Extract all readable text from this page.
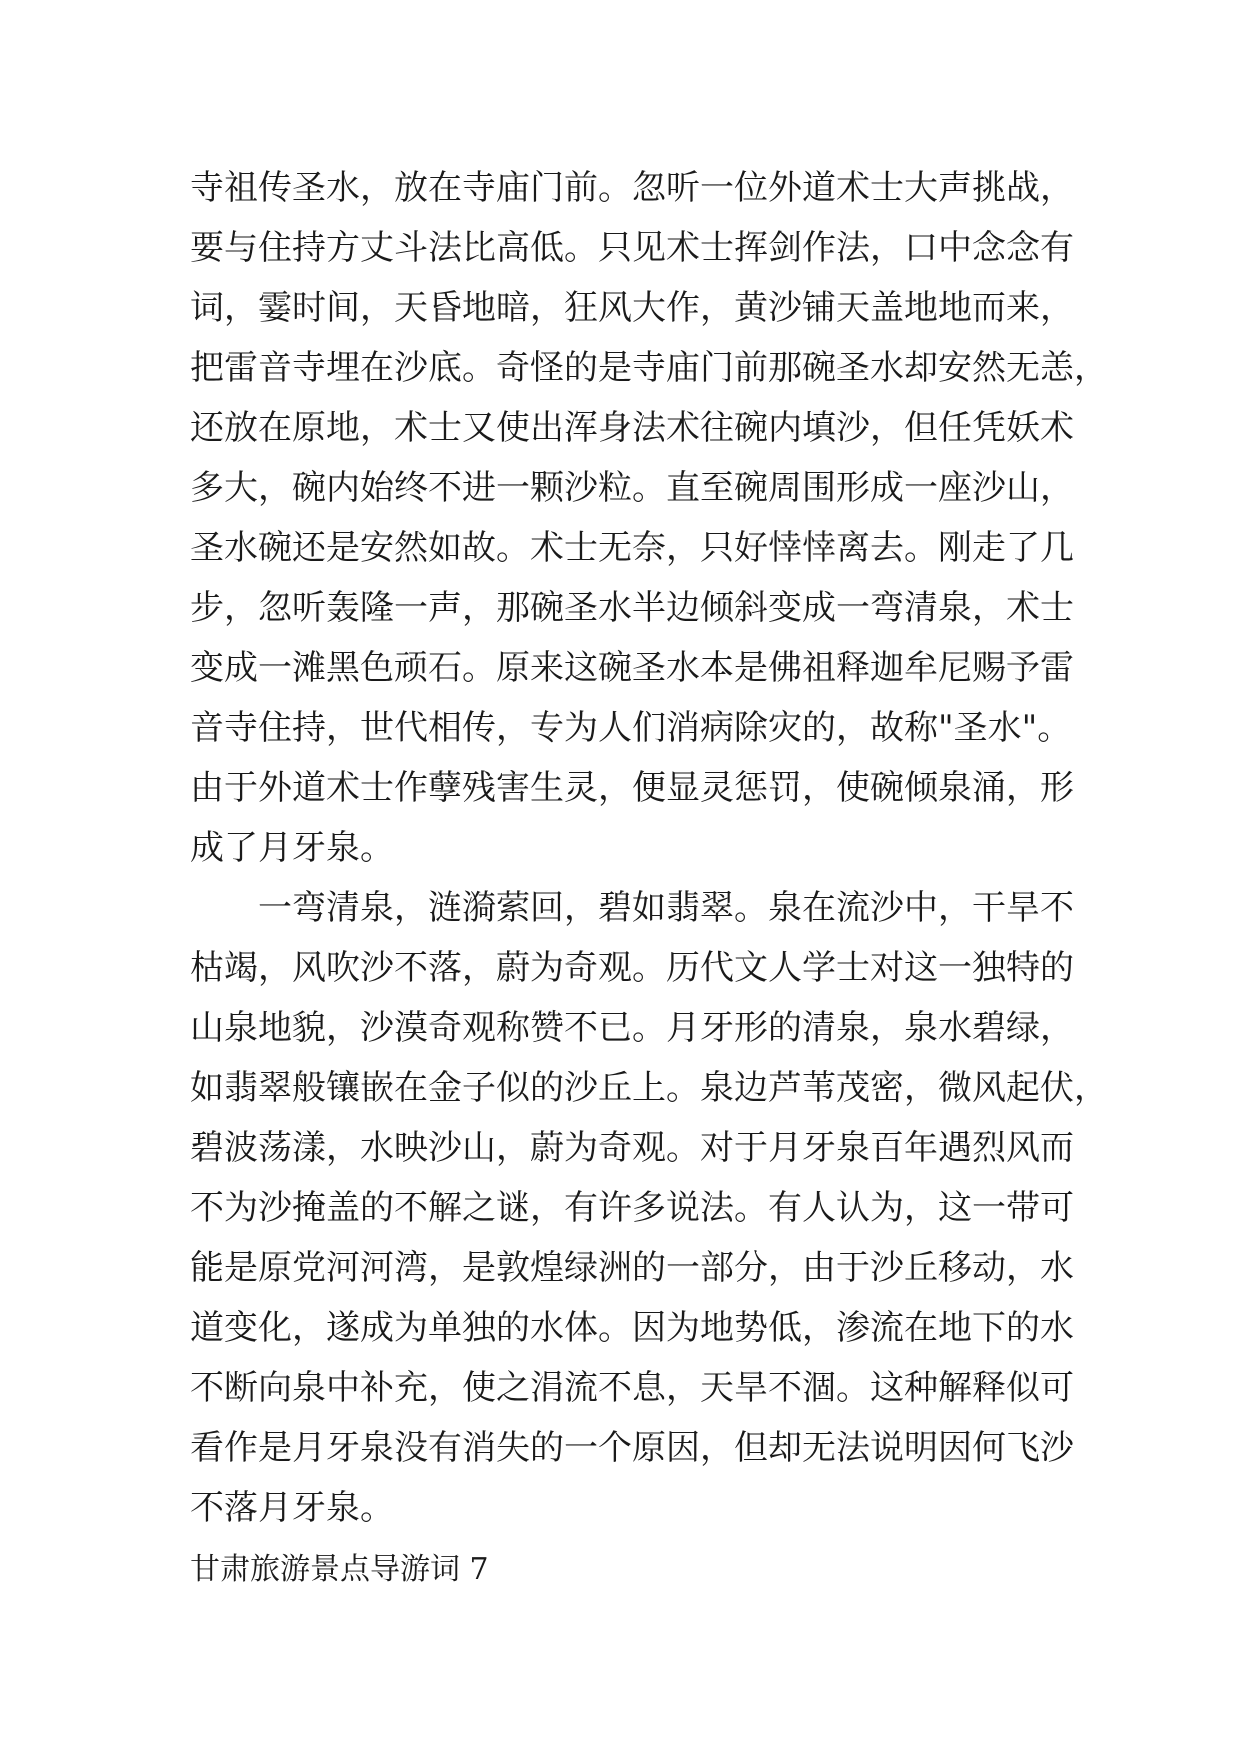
寺祖传圣水，放在寺庙门前。忽听一位外道术士大声挑战，
要与住持方丈斗法比高低。只见术士挥剑作法，口中念念有
词，霎时间，天昏地暗，狂风大作，黄沙铺天盖地地而来，
把雷音寺埋在沙底。奇怪的是寺庙门前那碗圣水却安然无恙，
还放在原地，术士又使出浑身法术往碗内填沙，但任凭妖术
多大，碗内始终不进一颗沙粒。直至碗周围形成一座沙山，
圣水碗还是安然如故。术士无奈，只好悻悻离去。刚走了几
步，忽听轰隆一声，那碗圣水半边倾斜变成一弯清泉，术士
变成一滩黑色顽石。原来这碗圣水本是佛祖释迦牟尼赐予雷
音寺住持，世代相传，专为人们消病除灾的，故称"圣水"。
由于外道术士作孽残害生灵，便显灵惩罚，使碗倾泉涌，形
成了月牙泉。
一弯清泉，涟漪萦回，碧如翡翠。泉在流沙中，干旱不
枯竭，风吹沙不落，蔚为奇观。历代文人学士对这一独特的
山泉地貌，沙漠奇观称赞不已。月牙形的清泉，泉水碧绿，
如翡翠般镶嵌在金子似的沙丘上。泉边芦苇茂密，微风起伏，
碧波荡漾，水映沙山，蔚为奇观。对于月牙泉百年遇烈风而
不为沙掩盖的不解之谜，有许多说法。有人认为，这一带可
能是原党河河湾，是敦煌绿洲的一部分，由于沙丘移动，水
道变化，遂成为单独的水体。因为地势低，渗流在地下的水
不断向泉中补充，使之涓流不息，天旱不涸。这种解释似可
看作是月牙泉没有消失的一个原因，但却无法说明因何飞沙
不落月牙泉。
甘肃旅游景点导游词 7
